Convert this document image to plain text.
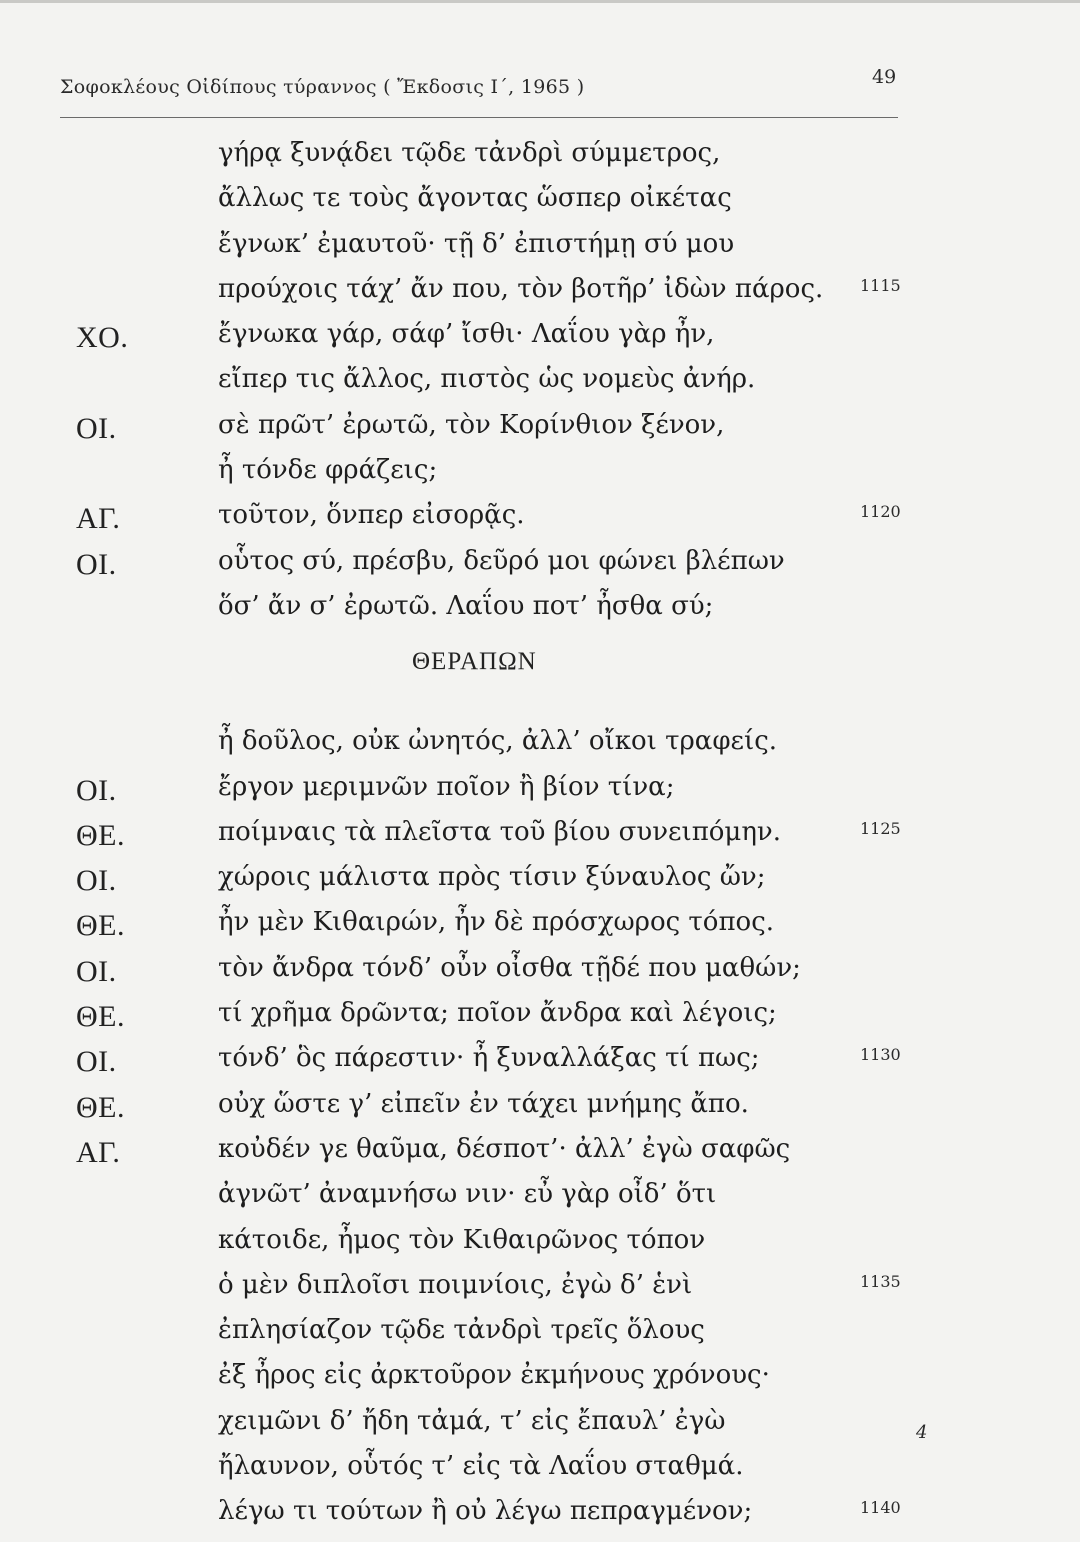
Σοφοκλέους Οἰδίπους τύραννος ( Ἔκδοσις Ι΄, 1965 )	49
γήρᾳ ξυνᾴδει τῷδε τἀνδρὶ σύμμετρος,
ἄλλως τε τοὺς ἄγοντας ὥσπερ οἰκέτας
ἔγνωκ’ ἐμαυτοῦ· τῇ δ’ ἐπιστήμῃ σύ μου
προύχοις τάχ’ ἄν που, τὸν βοτῆρ’ ἰδὼν πάρος. 1115
ΧΟ.	ἔγνωκα γάρ, σάφ’ ἴσθι· Λαΐου γὰρ ἦν,
εἴπερ τις ἄλλος, πιστὸς ὡς νομεὺς ἀνήρ.
ΟΙ.	σὲ πρῶτ’ ἐρωτῶ, τὸν Κορίνθιον ξένον,
ἦ τόνδε φράζεις;
ΑΓ.	τοῦτον, ὅνπερ εἰσορᾷς.	1120
ΟΙ.	οὗτος σύ, πρέσβυ, δεῦρό μοι φώνει βλέπων
ὅσ’ ἄν σ’ ἐρωτῶ. Λαΐου ποτ’ ἦσθα σύ;
ΘΕΡΑΠΩΝ
ἦ δοῦλος, οὐκ ὠνητός, ἀλλ’ οἴκοι τραφείς.
ΟΙ.	ἔργον μεριμνῶν ποῖον ἢ βίον τίνα;
ΘΕ.	ποίμναις τὰ πλεῖστα τοῦ βίου συνειπόμην.	1125
ΟΙ.	χώροις μάλιστα πρὸς τίσιν ξύναυλος ὤν;
ΘΕ.	ἦν μὲν Κιθαιρών, ἦν δὲ πρόσχωρος τόπος.
ΟΙ.	τὸν ἄνδρα τόνδ’ οὖν οἶσθα τῇδέ που μαθών;
ΘΕ.	τί χρῆμα δρῶντα; ποῖον ἄνδρα καὶ λέγοις;
ΟΙ.	τόνδ’ ὃς πάρεστιν· ἦ ξυναλλάξας τί πως;	1130
ΘΕ.	οὐχ ὥστε γ’ εἰπεῖν ἐν τάχει μνήμης ἄπο.
ΑΓ.	κοὐδέν γε θαῦμα, δέσποτ’· ἀλλ’ ἐγὼ σαφῶς
ἀγνῶτ’ ἀναμνήσω νιν· εὖ γὰρ οἶδ’ ὅτι
κάτοιδε, ἦμος τὸν Κιθαιρῶνος τόπον
ὁ μὲν διπλοῖσι ποιμνίοις, ἐγὼ δ’ ἑνὶ	1135
ἐπλησίαζον τῷδε τἀνδρὶ τρεῖς ὅλους
ἐξ ἦρος εἰς ἀρκτοῦρον ἐκμήνους χρόνους·
χειμῶνι δ’ ἤδη τἀμά, τ’ εἰς ἔπαυλ’ ἐγὼ
ἤλαυνον, οὗτός τ’ εἰς τὰ Λαΐου σταθμά.
λέγω τι τούτων ἢ οὐ λέγω πεπραγμένον;	1140
4
